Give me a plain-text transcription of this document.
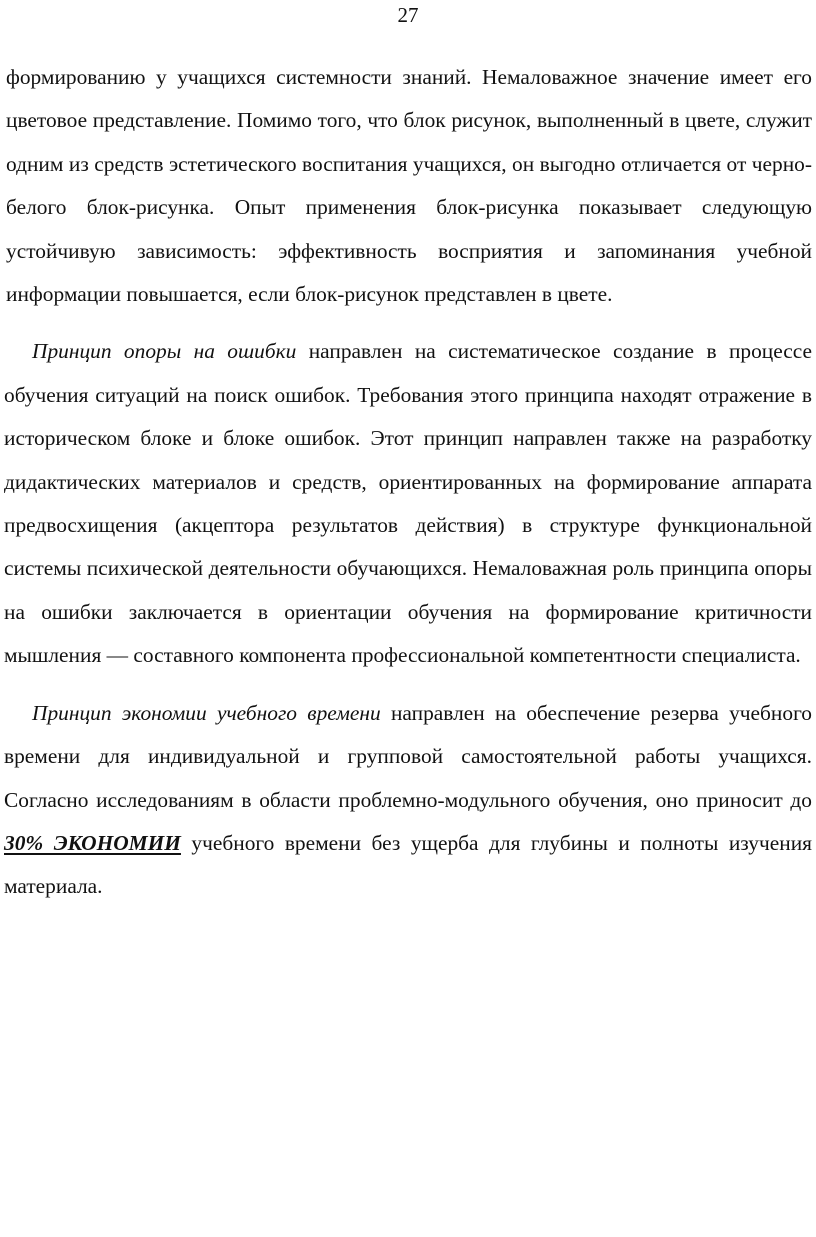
27

формированию у учащихся системности знаний. Немаловажное значение имеет его цветовое представление. Помимо того, что блок рисунок, выполненный в цвете, служит одним из средств эстетического воспитания учащихся, он выгодно отличается от черно-белого блок-рисунка. Опыт применения блок-рисунка показывает следующую устойчивую зависимость: эффективность восприятия и запоминания учебной информации повышается, если блок-рисунок представлен в цвете.

Принцип опоры на ошибки направлен на систематическое создание в процессе обучения ситуаций на поиск ошибок. Требования этого принципа находят отражение в историческом блоке и блоке ошибок. Этот принцип направлен также на разработку дидактических материалов и средств, ориентированных на формирование аппарата предвосхищения (акцептора результатов действия) в структуре функциональной системы психической деятельности обучающихся. Немаловажная роль принципа опоры на ошибки заключается в ориентации обучения на формирование критичности мышления — составного компонента профессиональной компетентности специалиста.

Принцип экономии учебного времени направлен на обеспечение резерва учебного времени для индивидуальной и групповой самостоятельной работы учащихся. Согласно исследованиям в области проблемно-модульного обучения, оно приносит до 30% ЭКОНОМИИ учебного времени без ущерба для глубины и полноты изучения материала.
